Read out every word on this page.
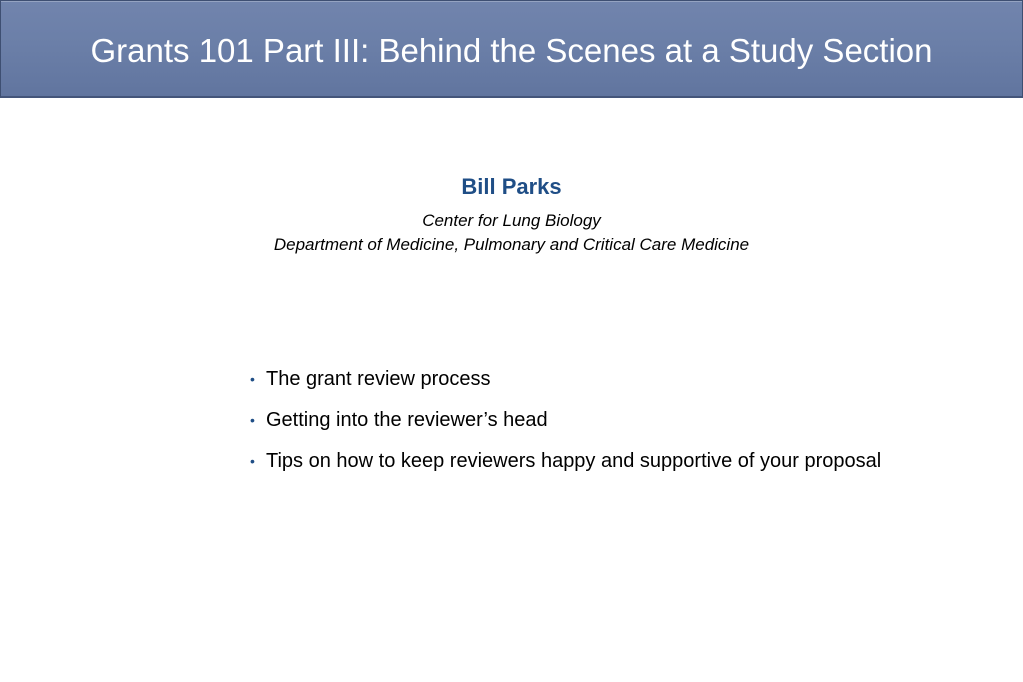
Grants 101 Part III: Behind the Scenes at a Study Section
Bill Parks
Center for Lung Biology
Department of Medicine, Pulmonary and Critical Care Medicine
• The grant review process
• Getting into the reviewer’s head
• Tips on how to keep reviewers happy and supportive of your proposal
